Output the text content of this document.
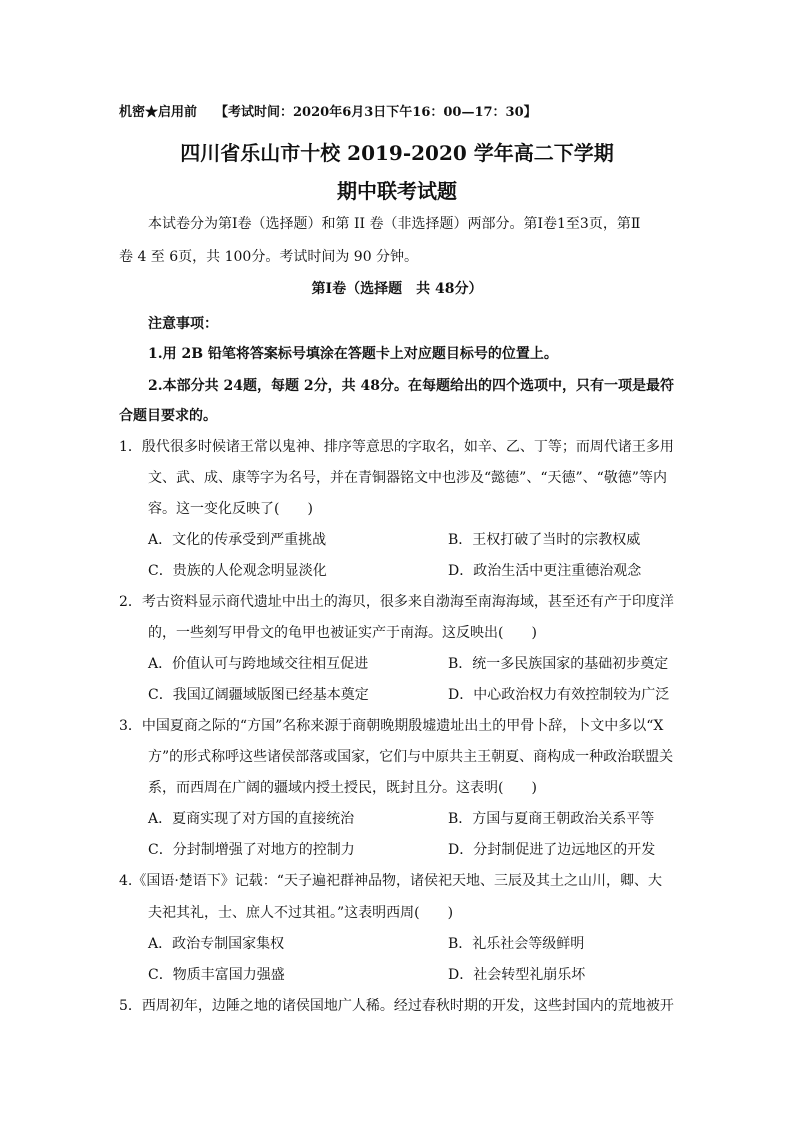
机密★启用前 【考试时间：2020年6月3日下午16：00—17：30】
四川省乐山市十校 2019-2020 学年高二下学期
期中联考试题
本试卷分为第Ⅰ卷（选择题）和第 II 卷（非选择题）两部分。第Ⅰ卷1至3页，第Ⅱ
卷 4 至 6页，共 100分。考试时间为 90 分钟。
第Ⅰ卷（选择题　共 48分）
注意事项：
1.用 2B 铅笔将答案标号填涂在答题卡上对应题目标号的位置上。
2.本部分共 24题，每题 2分，共 48分。在每题给出的四个选项中，只有一项是最符
合题目要求的。
1．殷代很多时候诸王常以鬼神、排序等意思的字取名，如辛、乙、丁等；而周代诸王多用
文、武、成、康等字为名号，并在青铜器铭文中也涉及“懿德”、“天德”、“敬德”等内
容。这一变化反映了(　　)
A．文化的传承受到严重挑战	B．王权打破了当时的宗教权威
C．贵族的人伦观念明显淡化	D．政治生活中更注重德治观念
2．考古资料显示商代遗址中出土的海贝，很多来自渤海至南海海域，甚至还有产于印度洋
的，一些刻写甲骨文的龟甲也被证实产于南海。这反映出(　　)
A．价值认可与跨地域交往相互促进	B．统一多民族国家的基础初步奠定
C．我国辽阔疆域版图已经基本奠定	D．中心政治权力有效控制较为广泛
3．中国夏商之际的“方国”名称来源于商朝晚期殷墟遗址出土的甲骨卜辞，卜文中多以“X
方”的形式称呼这些诸侯部落或国家，它们与中原共主王朝夏、商构成一种政治联盟关
系，而西周在广阔的疆域内授土授民，既封且分。这表明(　　)
A．夏商实现了对方国的直接统治	B．方国与夏商王朝政治关系平等
C．分封制增强了对地方的控制力	D．分封制促进了边远地区的开发
4.《国语·楚语下》记载：“天子遍祀群神品物，诸侯祀天地、三辰及其土之山川，卿、大
夫祀其礼，士、庶人不过其祖。”这表明西周(　　)
A．政治专制国家集权	B．礼乐社会等级鲜明
C．物质丰富国力强盛	D．社会转型礼崩乐坏
5．西周初年，边陲之地的诸侯国地广人稀。经过春秋时期的开发，这些封国内的荒地被开
